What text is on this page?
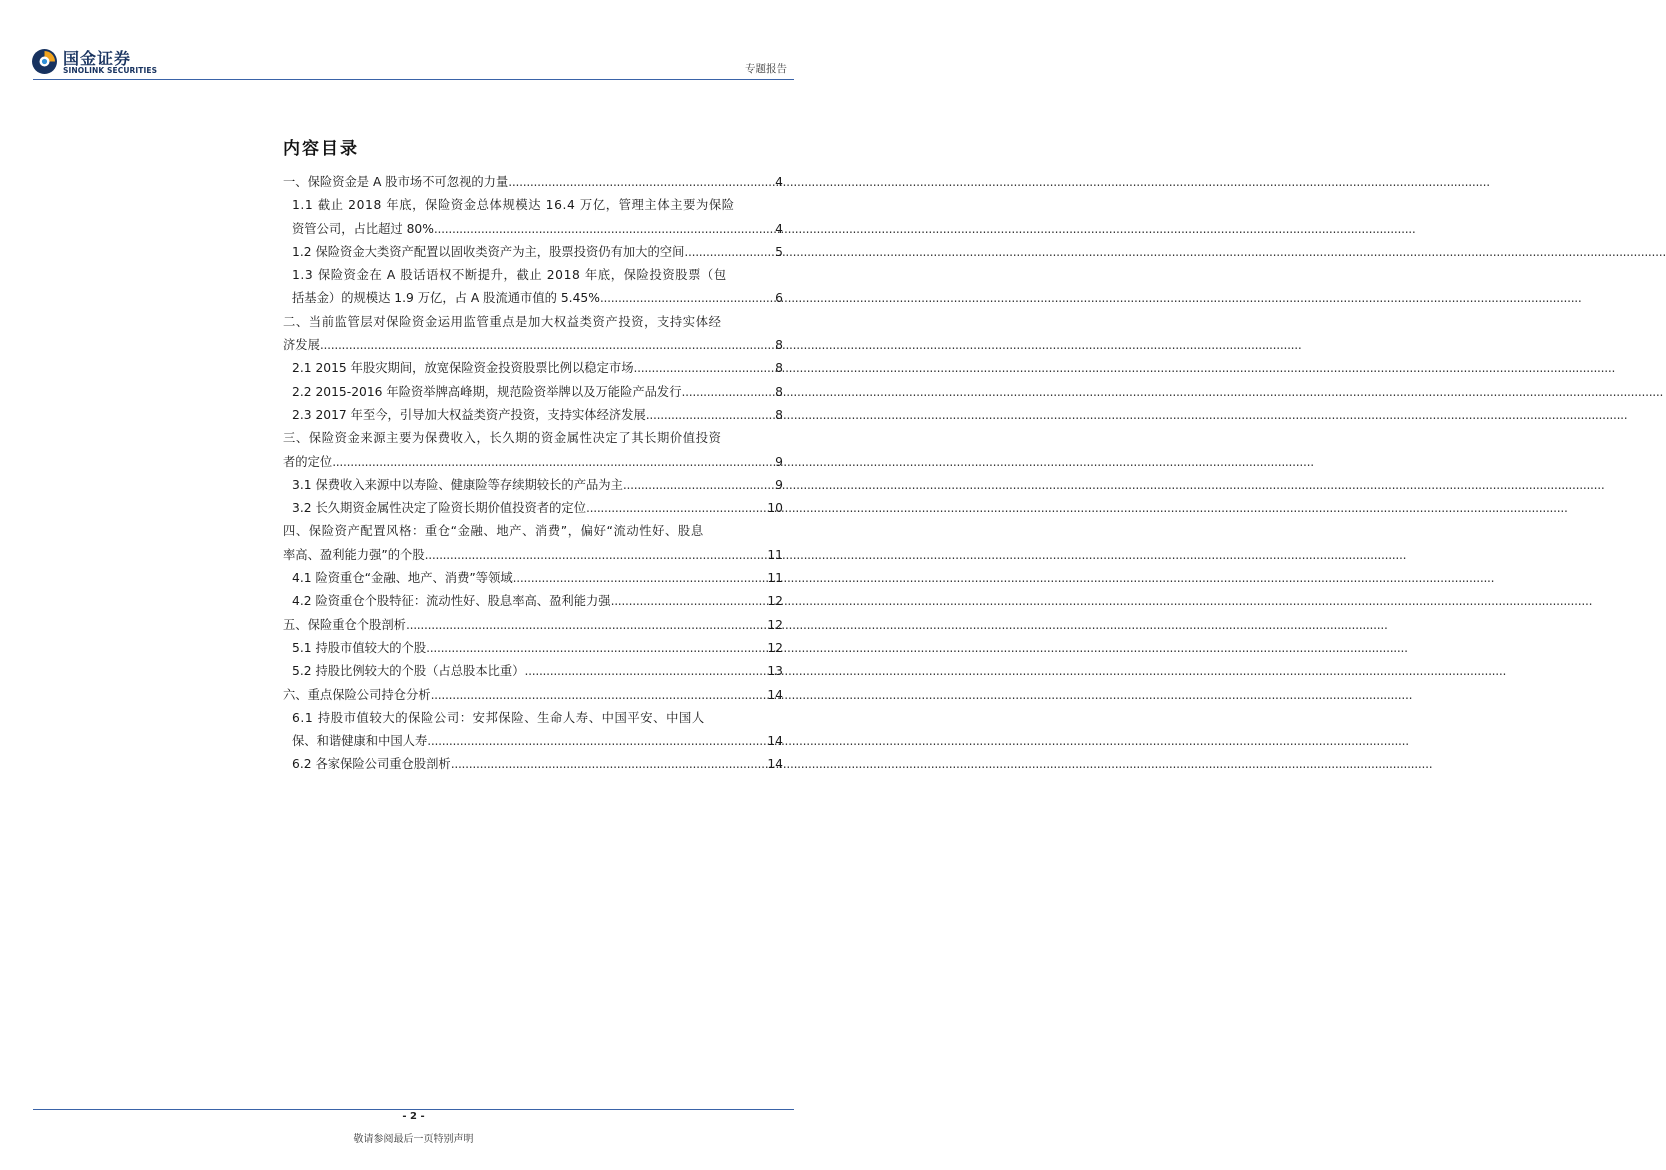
国金证券
SINOLINK SECURITIES	专题报告
内容目录
一、保险资金是 A 股市场不可忽视的力量 .....	4
1.1 截止 2018 年底，保险资金总体规模达 16.4 万亿，管理主体主要为保险
资管公司，占比超过 80% .....	4
1.2 保险资金大类资产配置以固收类资产为主，股票投资仍有加大的空间 .....	5
1.3 保险资金在 A 股话语权不断提升，截止 2018 年底，保险投资股票（包
括基金）的规模达 1.9 万亿，占 A 股流通市值的 5.45% .....	6
二、当前监管层对保险资金运用监管重点是加大权益类资产投资，支持实体经
济发展 .....	8
2.1 2015 年股灾期间，放宽保险资金投资股票比例以稳定市场 .....	8
2.2 2015-2016 年险资举牌高峰期，规范险资举牌以及万能险产品发行 .....	8
2.3 2017 年至今，引导加大权益类资产投资，支持实体经济发展 .....	8
三、保险资金来源主要为保费收入，长久期的资金属性决定了其长期价值投资
者的定位 .....	9
3.1 保费收入来源中以寿险、健康险等存续期较长的产品为主 .....	9
3.2 长久期资金属性决定了险资长期价值投资者的定位 .....	10
四、保险资产配置风格：重仓“金融、地产、消费”，偏好“流动性好、股息
率高、盈利能力强”的个股 .....	11
4.1 险资重仓“金融、地产、消费”等领域 .....	11
4.2 险资重仓个股特征：流动性好、股息率高、盈利能力强 .....	12
五、保险重仓个股剖析 .....	12
5.1 持股市值较大的个股 .....	12
5.2 持股比例较大的个股（占总股本比重） .....	13
六、重点保险公司持仓分析 .....	14
6.1 持股市值较大的保险公司：安邦保险、生命人寿、中国平安、中国人
保、和谐健康和中国人寿 .....	14
6.2 各家保险公司重仓股剖析 .....	14
- 2 -
敬请参阅最后一页特别声明
